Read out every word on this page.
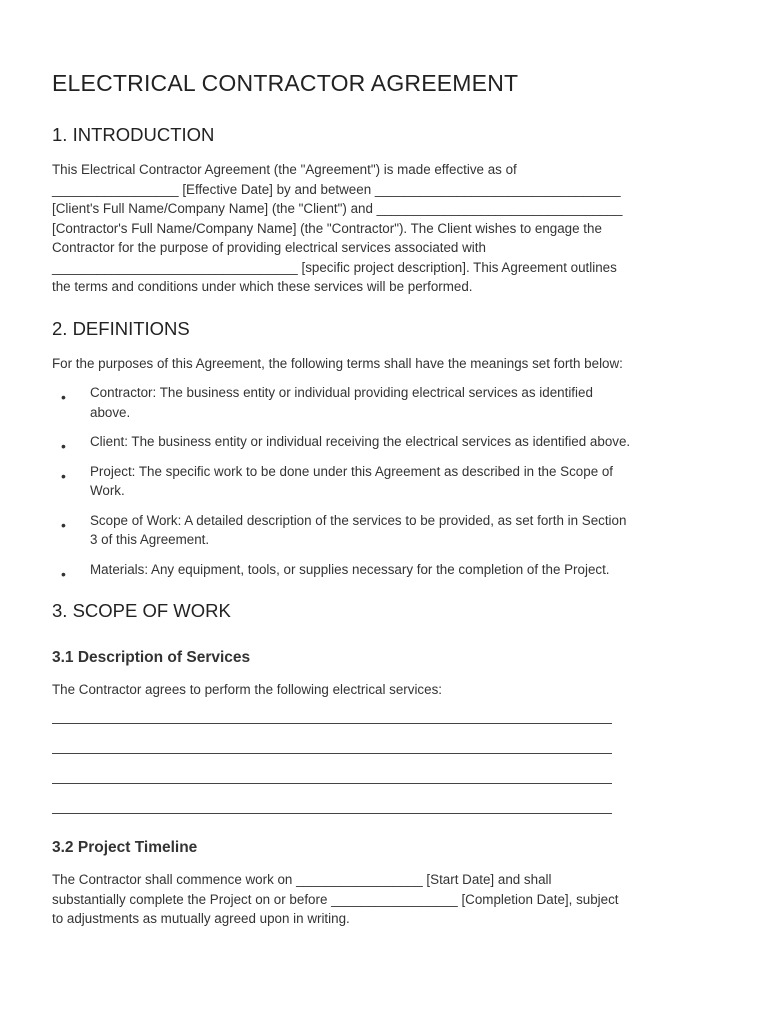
ELECTRICAL CONTRACTOR AGREEMENT
1. INTRODUCTION

This Electrical Contractor Agreement (the "Agreement") is made effective as of
_________________ [Effective Date] by and between _________________________________
[Client's Full Name/Company Name] (the "Client") and _________________________________
[Contractor's Full Name/Company Name] (the "Contractor"). The Client wishes to engage the
Contractor for the purpose of providing electrical services associated with
_________________________________ [specific project description]. This Agreement outlines
the terms and conditions under which these services will be performed.

2. DEFINITIONS

For the purposes of this Agreement, the following terms shall have the meanings set forth below:

• Contractor: The business entity or individual providing electrical services as identified
above.
• Client: The business entity or individual receiving the electrical services as identified above.
• Project: The specific work to be done under this Agreement as described in the Scope of
Work.
• Scope of Work: A detailed description of the services to be provided, as set forth in Section
3 of this Agreement.
• Materials: Any equipment, tools, or supplies necessary for the completion of the Project.
3. SCOPE OF WORK
3.1 Description of Services

The Contractor agrees to perform the following electrical services:

3.2 Project Timeline

The Contractor shall commence work on _________________ [Start Date] and shall
substantially complete the Project on or before _________________ [Completion Date], subject
to adjustments as mutually agreed upon in writing.
